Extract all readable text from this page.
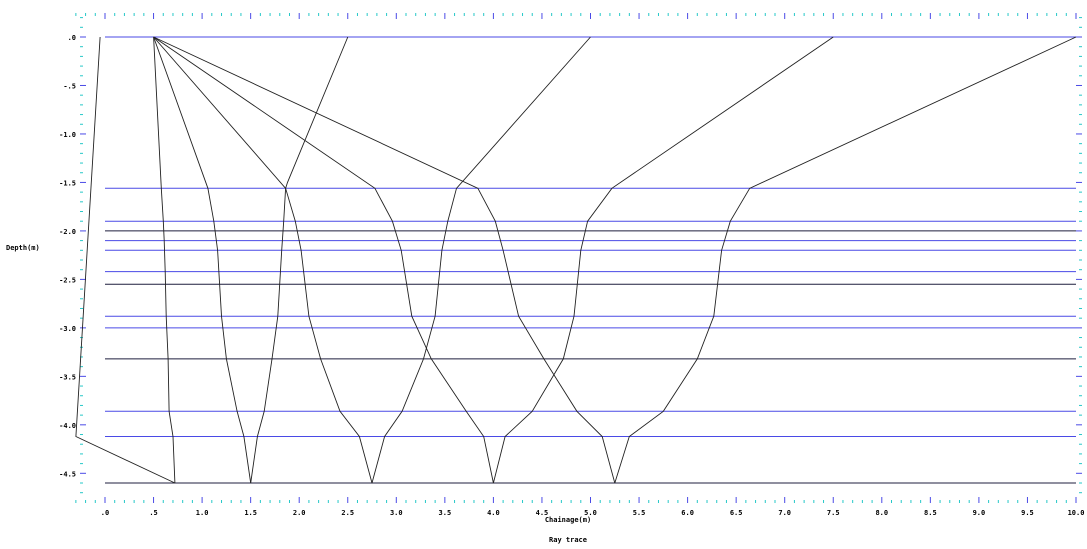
.0	.5	1.0	1.5	2.0	2.5	3.0	3.5	4.0	4.5	5.0	5.5	6.0	6.5	7.0	7.5	8.0	8.5	9.0	9.5	10.0
.0
-.5
-1.0
-1.5
-2.0
-2.5
-3.0
-3.5
-4.0
-4.5
Depth(m)
Chainage(m)
Ray trace
